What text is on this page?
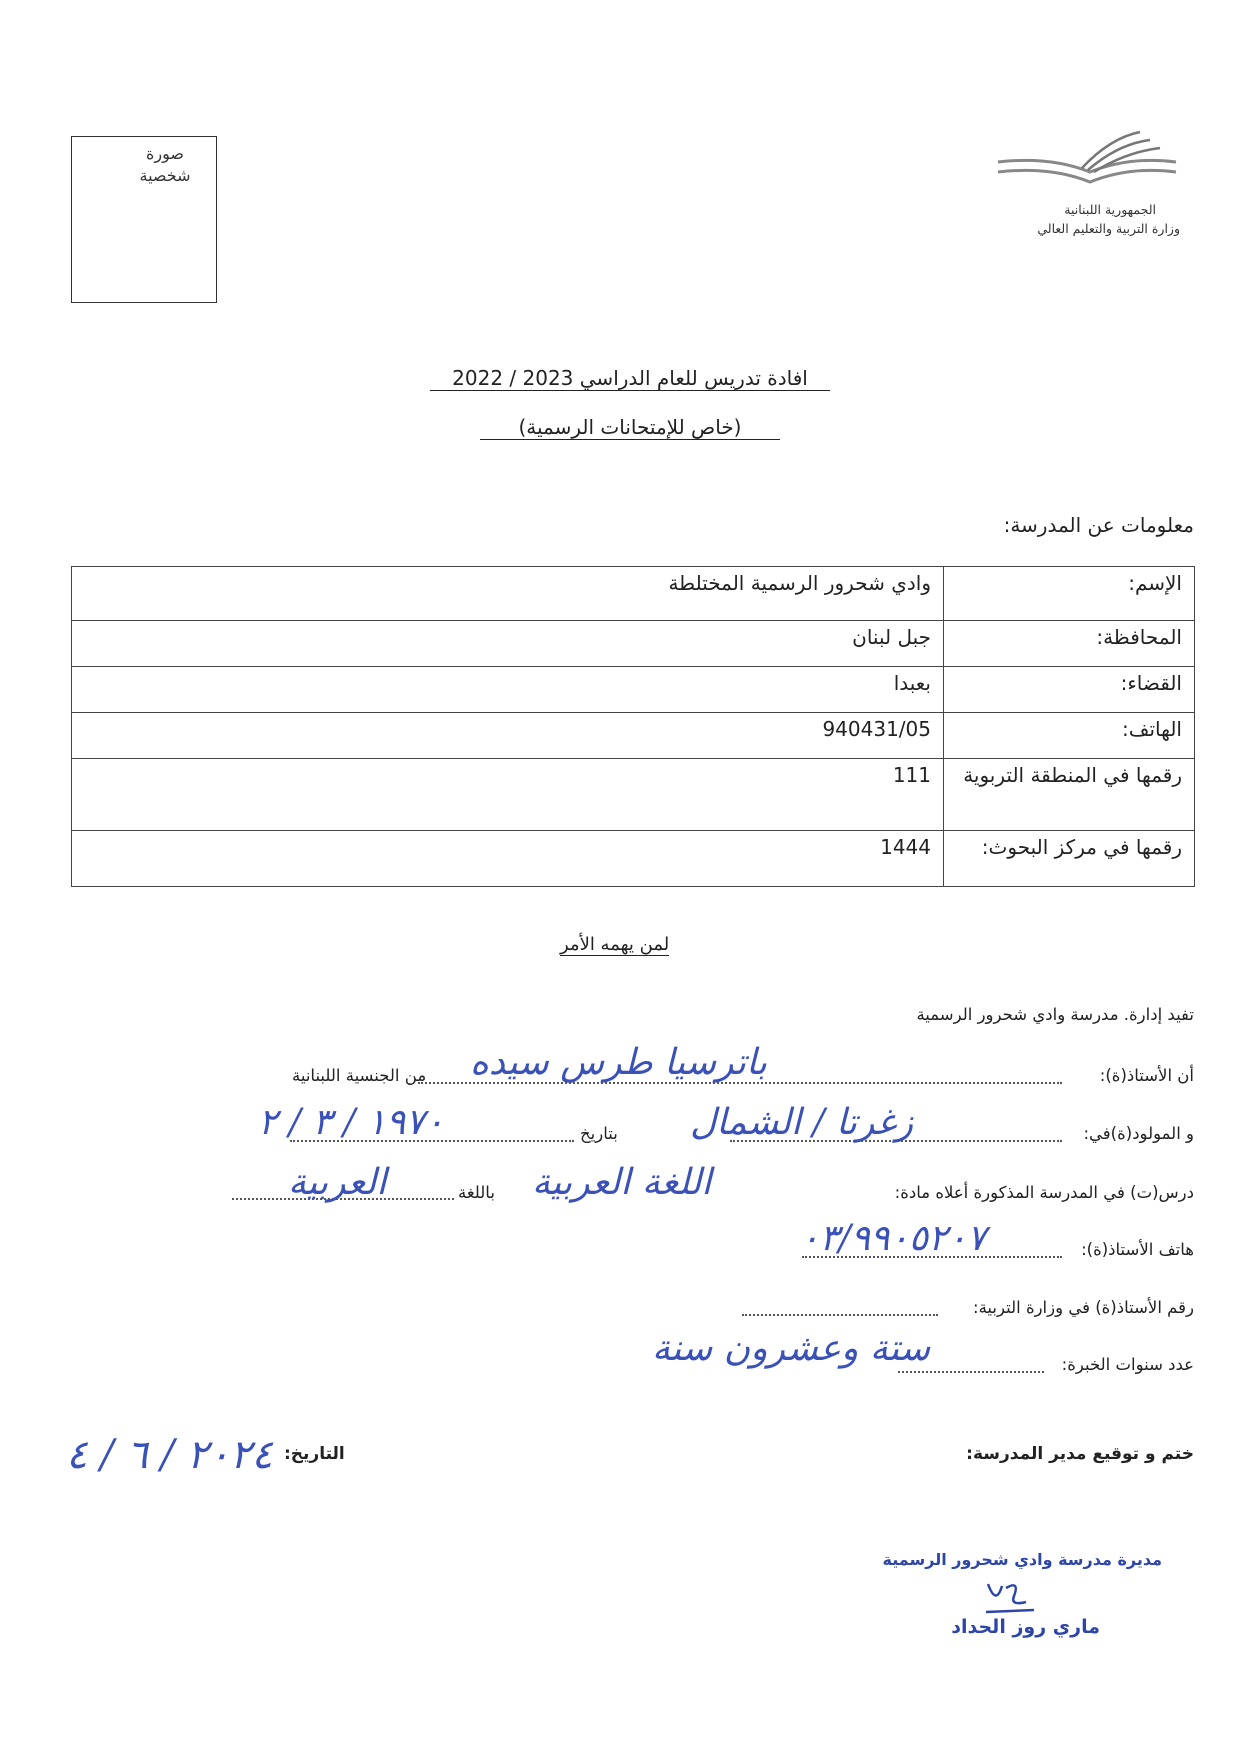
صورة شخصية
الجمهورية اللبنانية
وزارة التربية والتعليم العالي
افادة تدريس للعام الدراسي 2023 / 2022
(خاص للإمتحانات الرسمية)
معلومات عن المدرسة:
الإسم:	وادي شحرور الرسمية المختلطة
المحافظة:	جبل لبنان
القضاء:	بعبدا
الهاتف:	940431/05
رقمها في المنطقة التربوية	111
رقمها في مركز البحوث:	1444
لمن يهمه الأمر
تفيد إدارة. مدرسة وادي شحرور الرسمية
أن الأستاذ(ة):
باترسيا طرس سيده
من الجنسية اللبنانية
و المولود(ة)في:
زغرتا / الشمال
بتاريخ
١٩٧٠ / ٣ / ٢
درس(ت) في المدرسة المذكورة أعلاه مادة:
اللغة العربية
باللغة
العربية
هاتف الأستاذ(ة):
٠٣/٩٩٠٥٢٠٧
رقم الأستاذ(ة) في وزارة التربية:
عدد سنوات الخبرة:
ستة وعشرون سنة
ختم و توقيع مدير المدرسة:
التاريخ:
٢٠٢٤ / ٦ / ٤
مديرة مدرسة وادي شحرور الرسمية
ماري روز الحداد
